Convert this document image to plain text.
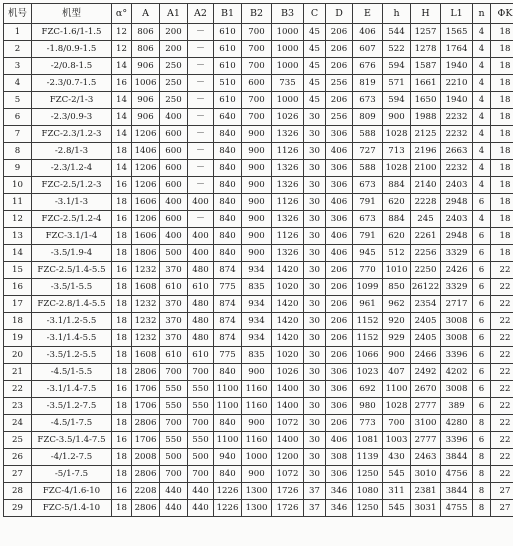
机号	机型	α°	A	A1	A2	B1	B2	B3	C	D	E	h	H	L1	n	ΦK
1	FZC-1.6/1-1.5	12	806	200	－	610	700	1000	45	206	406	544	1257	1565	4	18
2	-1.8/0.9-1.5	12	806	200	－	610	700	1000	45	206	607	522	1278	1764	4	18
3	-2/0.8-1.5	14	906	250	－	610	700	1000	45	206	676	594	1587	1940	4	18
4	-2.3/0.7-1.5	16	1006	250	－	510	600	735	45	256	819	571	1661	2210	4	18
5	FZC-2/1-3	14	906	250	－	610	700	1000	45	206	673	594	1650	1940	4	18
6	-2.3/0.9-3	14	906	400	－	640	700	1026	30	256	809	900	1988	2232	4	18
7	FZC-2.3/1.2-3	14	1206	600	－	840	900	1326	30	306	588	1028	2125	2232	4	18
8	-2.8/1-3	18	1406	600	－	840	900	1126	30	406	727	713	2196	2663	4	18
9	-2.3/1.2-4	14	1206	600	－	840	900	1326	30	306	588	1028	2100	2232	4	18
10	FZC-2.5/1.2-3	16	1206	600	－	840	900	1326	30	306	673	884	2140	2403	4	18
11	-3.1/1-3	18	1606	400	400	840	900	1126	30	406	791	620	2228	2948	6	18
12	FZC-2.5/1.2-4	16	1206	600	－	840	900	1326	30	306	673	884	245	2403	4	18
13	FZC-3.1/1-4	18	1606	400	400	840	900	1126	30	406	791	620	2261	2948	6	18
14	-3.5/1.9-4	18	1806	500	400	840	900	1326	30	406	945	512	2256	3329	6	18
15	FZC-2.5/1.4-5.5	16	1232	370	480	874	934	1420	30	206	770	1010	2250	2426	6	22
16	-3.5/1-5.5	18	1608	610	610	775	835	1020	30	206	1099	850	26122	3329	6	22
17	FZC-2.8/1.4-5.5	18	1232	370	480	874	934	1420	30	206	961	962	2354	2717	6	22
18	-3.1/1.2-5.5	18	1232	370	480	874	934	1420	30	206	1152	920	2405	3008	6	22
19	-3.1/1.4-5.5	18	1232	370	480	874	934	1420	30	206	1152	929	2405	3008	6	22
20	-3.5/1.2-5.5	18	1608	610	610	775	835	1020	30	206	1066	900	2466	3396	6	22
21	-4.5/1-5.5	18	2806	700	700	840	900	1026	30	306	1023	407	2492	4202	6	22
22	-3.1/1.4-7.5	16	1706	550	550	1100	1160	1400	30	306	692	1100	2670	3008	6	22
23	-3.5/1.2-7.5	18	1706	550	550	1100	1160	1400	30	306	980	1028	2777	389	6	22
24	-4.5/1-7.5	18	2806	700	700	840	900	1072	30	206	773	700	3100	4280	8	22
25	FZC-3.5/1.4-7.5	16	1706	550	550	1100	1160	1400	30	406	1081	1003	2777	3396	6	22
26	-4/1.2-7.5	18	2008	500	500	940	1000	1200	30	308	1139	430	2463	3844	8	22
27	-5/1-7.5	18	2806	700	700	840	900	1072	30	306	1250	545	3010	4756	8	22
28	FZC-4/1.6-10	16	2208	440	440	1226	1300	1726	37	346	1080	311	2381	3844	8	27
29	FZC-5/1.4-10	18	2806	440	440	1226	1300	1726	37	346	1250	545	3031	4755	8	27
